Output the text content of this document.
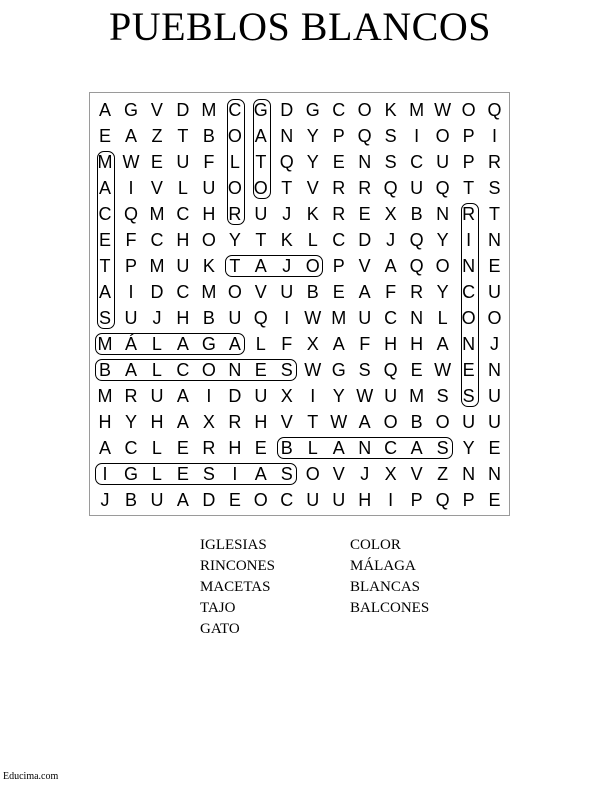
PUEBLOS BLANCOS
A G V D M C G D G C O K M W O Q
E A Z T B O A N Y P Q S I O P I
M W E U F L T Q Y E N S C U P R
A I V L U O O T V R R Q U Q T S
C Q M C H R U J K R E X B N R T
E F C H O Y T K L C D J Q Y I N
T P M U K T A J O P V A Q O N E
A I D C M O V U B E A F R Y C U
S U J H B U Q I W M U C N L O O
M Á L A G A L F X A F H H A N J
B A L C O N E S W G S Q E W E N
M R U A I D U X I Y W U M S S U
H Y H A X R H V T W A O B O U U
A C L E R H E B L A N C A S Y E
I G L E S I A S O V J X V Z N N
J B U A D E O C U U H I P Q P E
IGLESIAS
RINCONES
MACETAS
TAJO
GATO
COLOR
MÁLAGA
BLANCAS
BALCONES
Educima.com
